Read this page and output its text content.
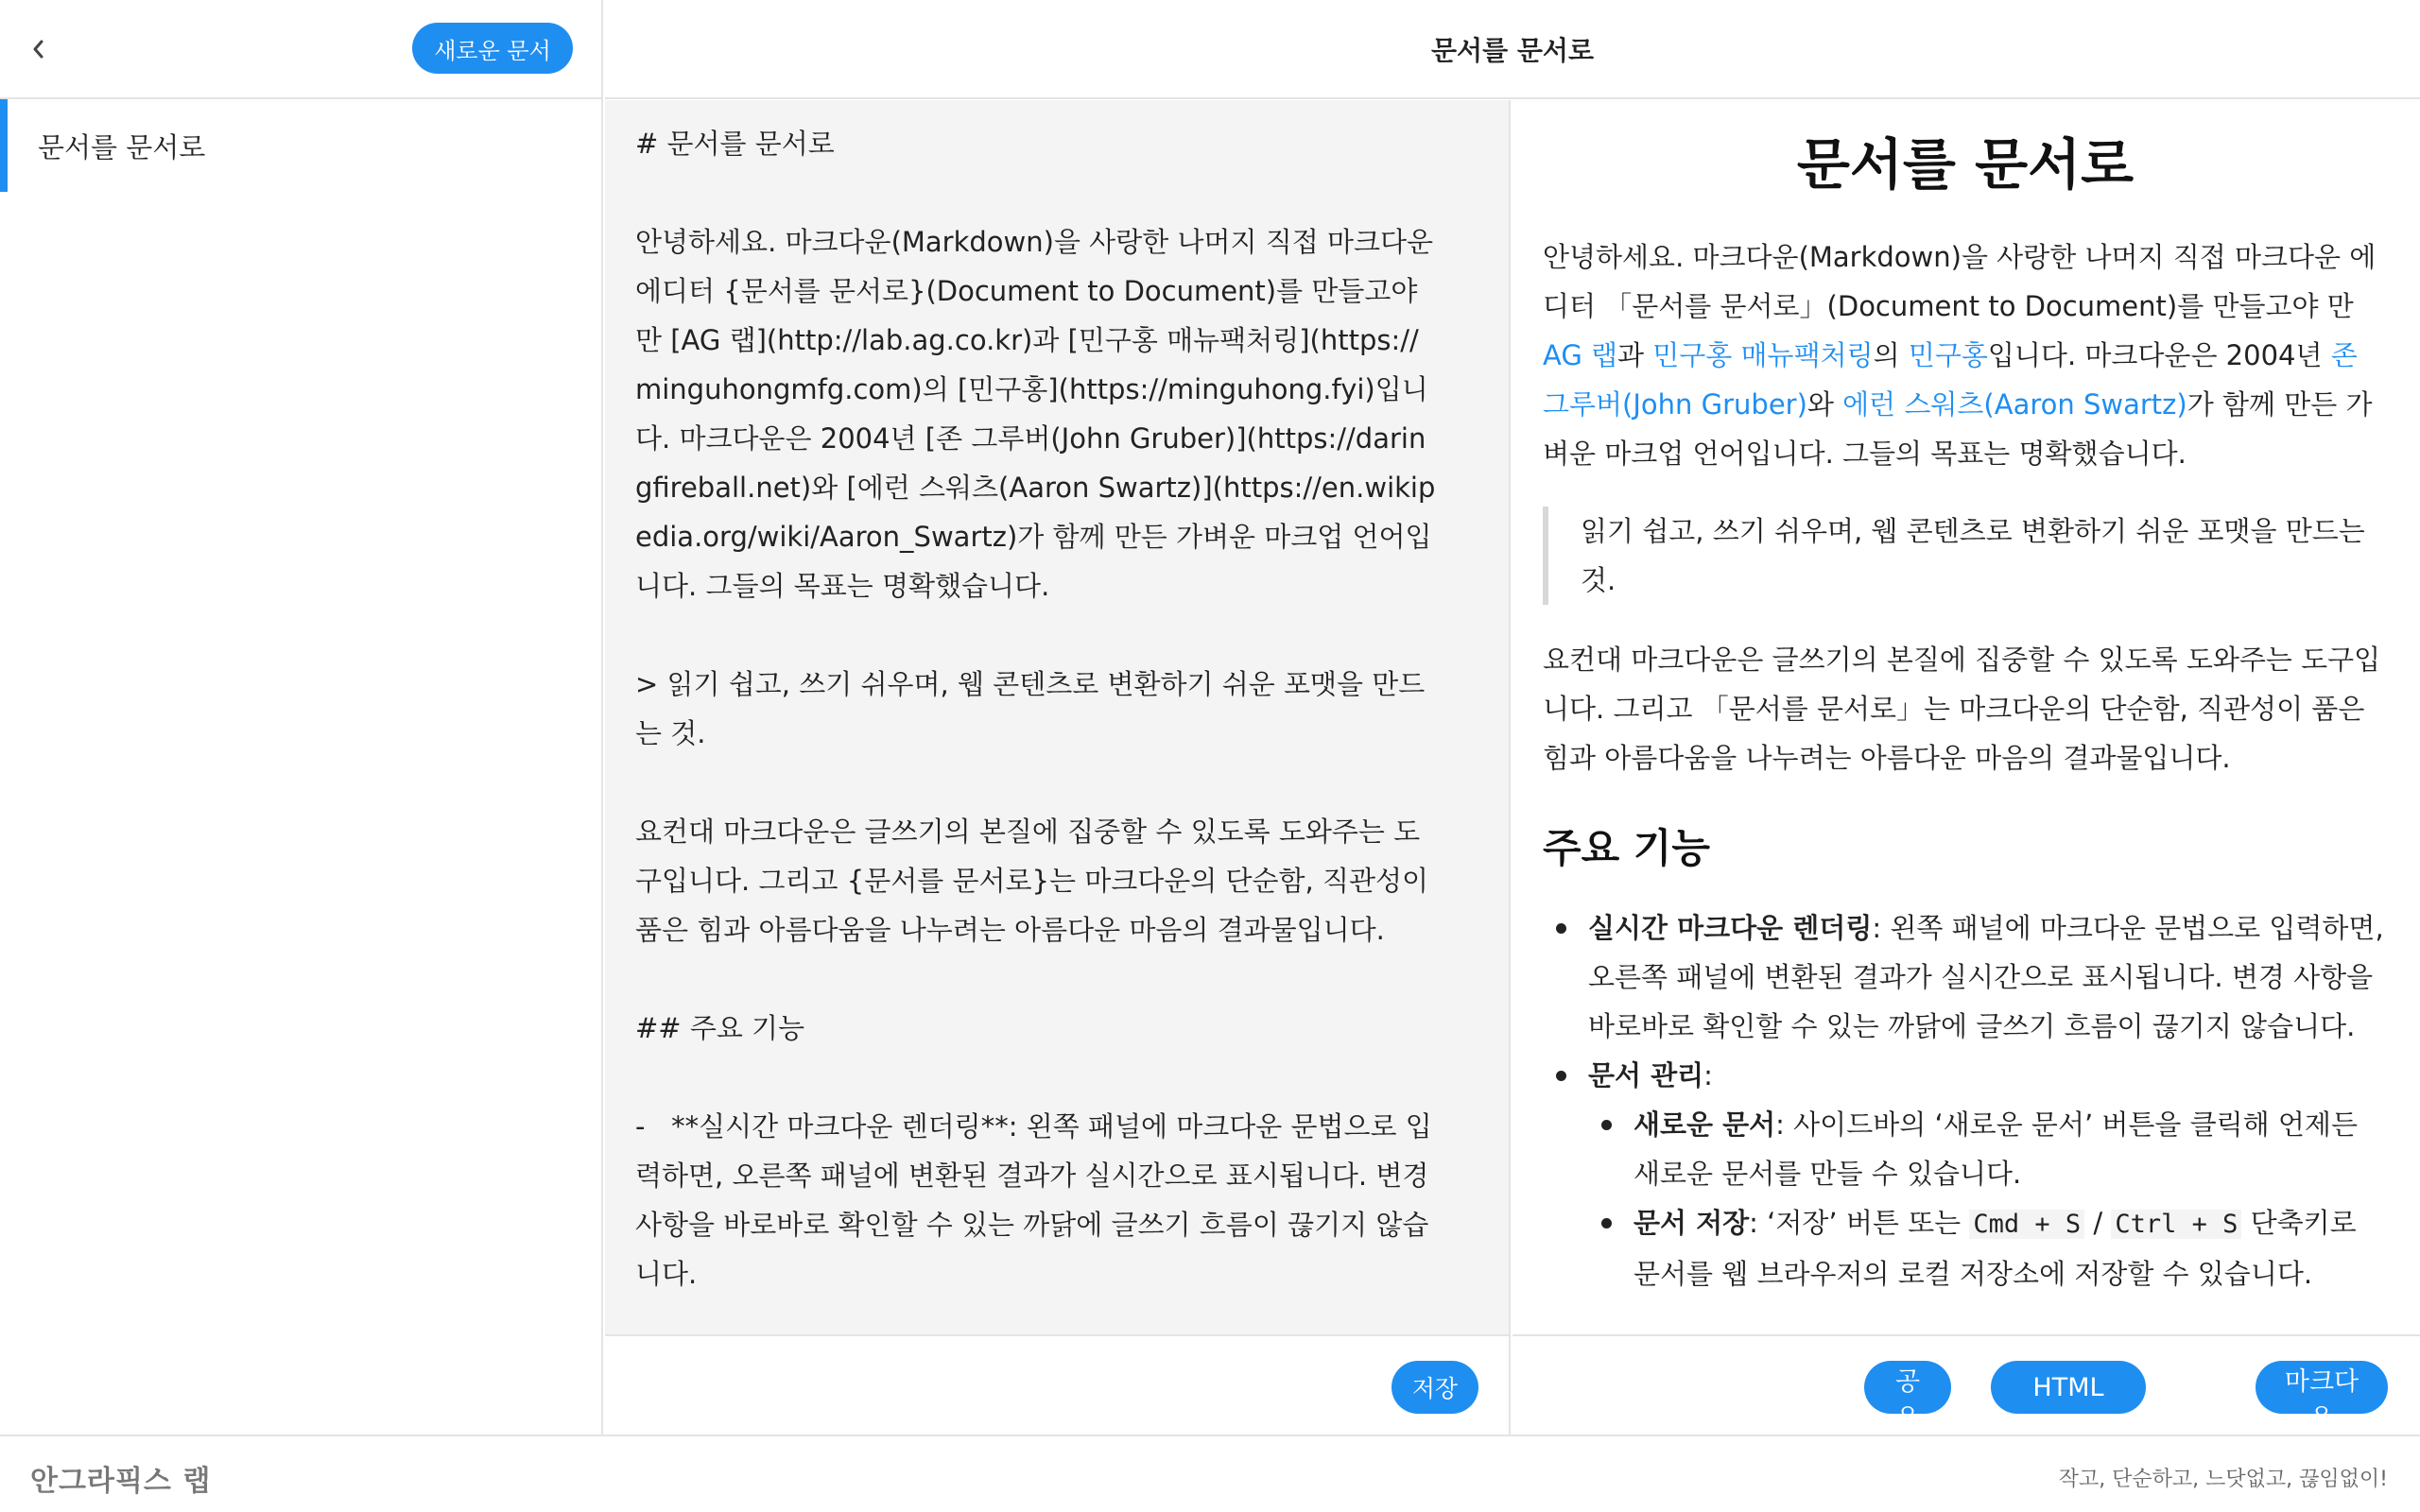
새로운 문서
문서를 문서로
문서를 문서로
# 문서를 문서로

안녕하세요. 마크다운(Markdown)을 사랑한 나머지 직접 마크다운 에디터 {문서를 문서로}(Document to Document)를 만들고야 만 [AG 랩](http://lab.ag.co.kr)과 [민구홍 매뉴팩처링](https://minguhongmfg.com)의 [민구홍](https://minguhong.fyi)입니다. 마크다운은 2004년 [존 그루버(John Gruber)](https://daringfireball.net)와 [에런 스워츠(Aaron Swartz)](https://en.wikipedia.org/wiki/Aaron_Swartz)가 함께 만든 가벼운 마크업 언어입니다. 그들의 목표는 명확했습니다.

> 읽기 쉽고, 쓰기 쉬우며, 웹 콘텐츠로 변환하기 쉬운 포맷을 만드는 것.

요컨대 마크다운은 글쓰기의 본질에 집중할 수 있도록 도와주는 도구입니다. 그리고 {문서를 문서로}는 마크다운의 단순함, 직관성이 품은 힘과 아름다움을 나누려는 아름다운 마음의 결과물입니다.

## 주요 기능

-   **실시간 마크다운 렌더링**: 왼쪽 패널에 마크다운 문법으로 입력하면, 오른쪽 패널에 변환된 결과가 실시간으로 표시됩니다. 변경 사항을 바로바로 확인할 수 있는 까닭에 글쓰기 흐름이 끊기지 않습니다.
저장
문서를 문서로

안녕하세요. 마크다운(Markdown)을 사랑한 나머지 직접 마크다운 에디터 「문서를 문서로」(Document to Document)를 만들고야 만 AG 랩과 민구홍 매뉴팩처링의 민구홍입니다. 마크다운은 2004년 존 그루버(John Gruber)와 에런 스워츠(Aaron Swartz)가 함께 만든 가벼운 마크업 언어입니다. 그들의 목표는 명확했습니다.

읽기 쉽고, 쓰기 쉬우며, 웹 콘텐츠로 변환하기 쉬운 포맷을 만드는 것.

요컨대 마크다운은 글쓰기의 본질에 집중할 수 있도록 도와주는 도구입니다. 그리고 「문서를 문서로」는 마크다운의 단순함, 직관성이 품은 힘과 아름다움을 나누려는 아름다운 마음의 결과물입니다.

주요 기능
실시간 마크다운 렌더링: 왼쪽 패널에 마크다운 문법으로 입력하면, 오른쪽 패널에 변환된 결과가 실시간으로 표시됩니다. 변경 사항을 바로바로 확인할 수 있는 까닭에 글쓰기 흐름이 끊기지 않습니다.
문서 관리:
새로운 문서: 사이드바의 ‘새로운 문서’ 버튼을 클릭해 언제든 새로운 문서를 만들 수 있습니다.
문서 저장: ‘저장’ 버튼 또는 Cmd + S / Ctrl + S 단축키로 문서를 웹 브라우저의 로컬 저장소에 저장할 수 있습니다.
공유
HTML	마크다운
안그라픽스 랩	작고, 단순하고, 느닷없고, 끊임없이!
